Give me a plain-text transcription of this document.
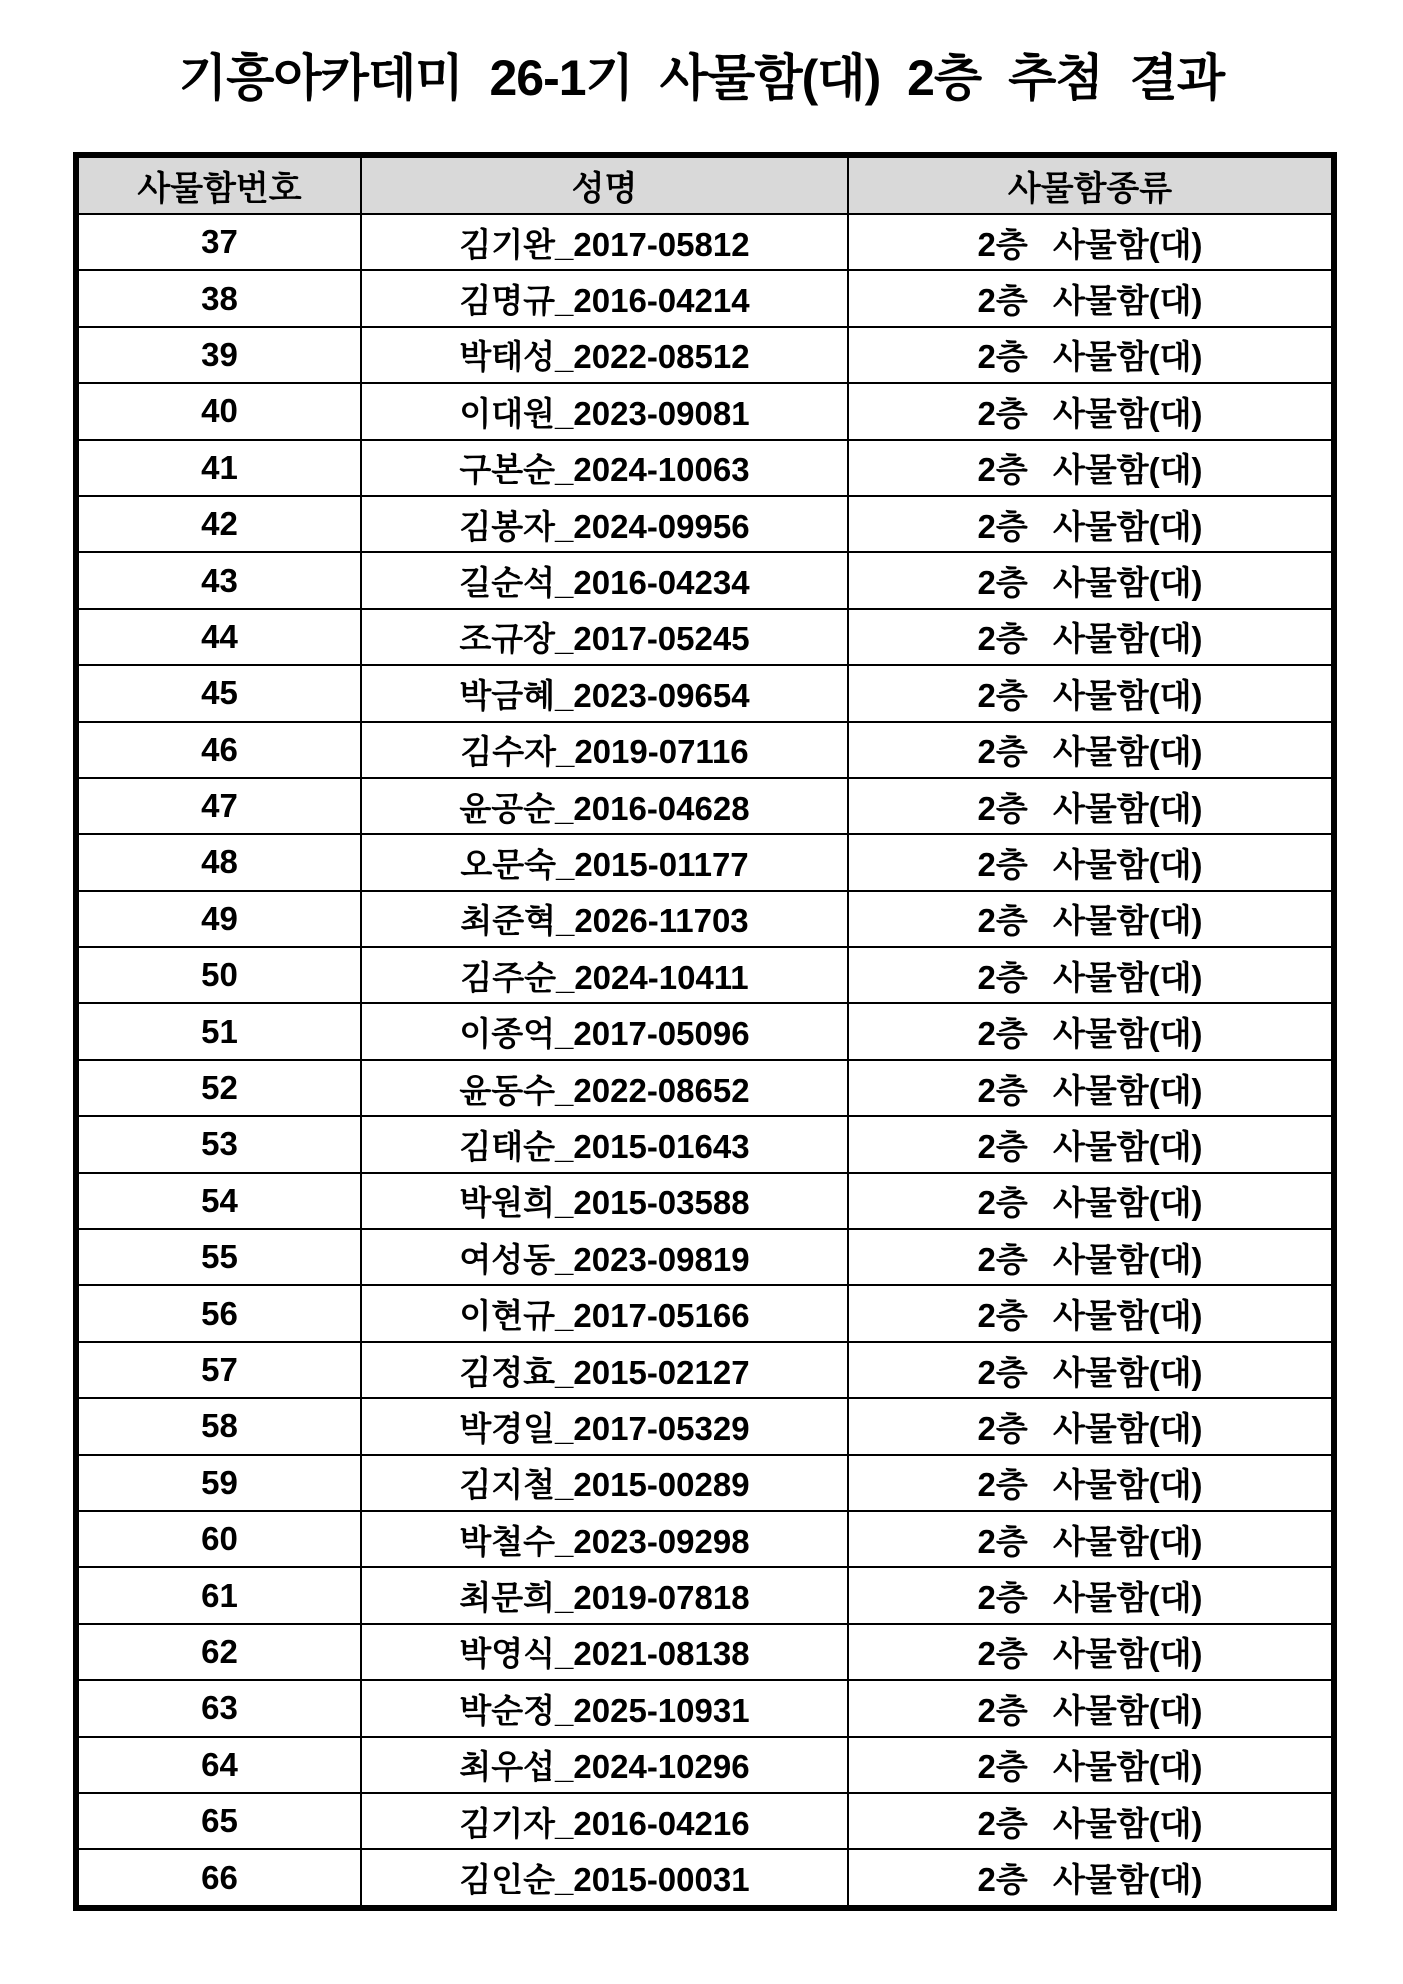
기흥아카데미 26-1기 사물함(대) 2층 추첨 결과
사물함번호	성명	사물함종류
37	김기완_2017-05812	2층 사물함(대)
38	김명규_2016-04214	2층 사물함(대)
39	박태성_2022-08512	2층 사물함(대)
40	이대원_2023-09081	2층 사물함(대)
41	구본순_2024-10063	2층 사물함(대)
42	김봉자_2024-09956	2층 사물함(대)
43	길순석_2016-04234	2층 사물함(대)
44	조규장_2017-05245	2층 사물함(대)
45	박금혜_2023-09654	2층 사물함(대)
46	김수자_2019-07116	2층 사물함(대)
47	윤공순_2016-04628	2층 사물함(대)
48	오문숙_2015-01177	2층 사물함(대)
49	최준혁_2026-11703	2층 사물함(대)
50	김주순_2024-10411	2층 사물함(대)
51	이종억_2017-05096	2층 사물함(대)
52	윤동수_2022-08652	2층 사물함(대)
53	김태순_2015-01643	2층 사물함(대)
54	박원희_2015-03588	2층 사물함(대)
55	여성동_2023-09819	2층 사물함(대)
56	이현규_2017-05166	2층 사물함(대)
57	김정효_2015-02127	2층 사물함(대)
58	박경일_2017-05329	2층 사물함(대)
59	김지철_2015-00289	2층 사물함(대)
60	박철수_2023-09298	2층 사물함(대)
61	최문희_2019-07818	2층 사물함(대)
62	박영식_2021-08138	2층 사물함(대)
63	박순정_2025-10931	2층 사물함(대)
64	최우섭_2024-10296	2층 사물함(대)
65	김기자_2016-04216	2층 사물함(대)
66	김인순_2015-00031	2층 사물함(대)
